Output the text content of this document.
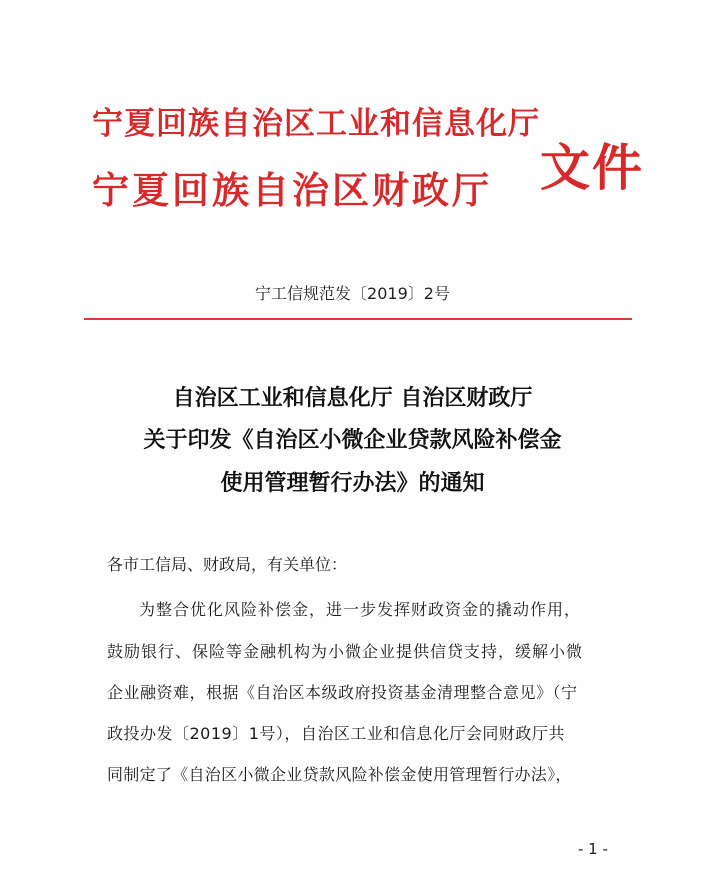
宁夏回族自治区工业和信息化厅
宁夏回族自治区财政厅 文件
宁工信规范发〔2019〕2号
自治区工业和信息化厅 自治区财政厅
关于印发《自治区小微企业贷款风险补偿金
使用管理暂行办法》的通知
各市工信局、财政局，有关单位：
为整合优化风险补偿金，进一步发挥财政资金的撬动作用，
鼓励银行、保险等金融机构为小微企业提供信贷支持，缓解小微
企业融资难，根据《自治区本级政府投资基金清理整合意见》（宁
政投办发〔2019〕1号），自治区工业和信息化厅会同财政厅共
同制定了《自治区小微企业贷款风险补偿金使用管理暂行办法》，
- 1 -
